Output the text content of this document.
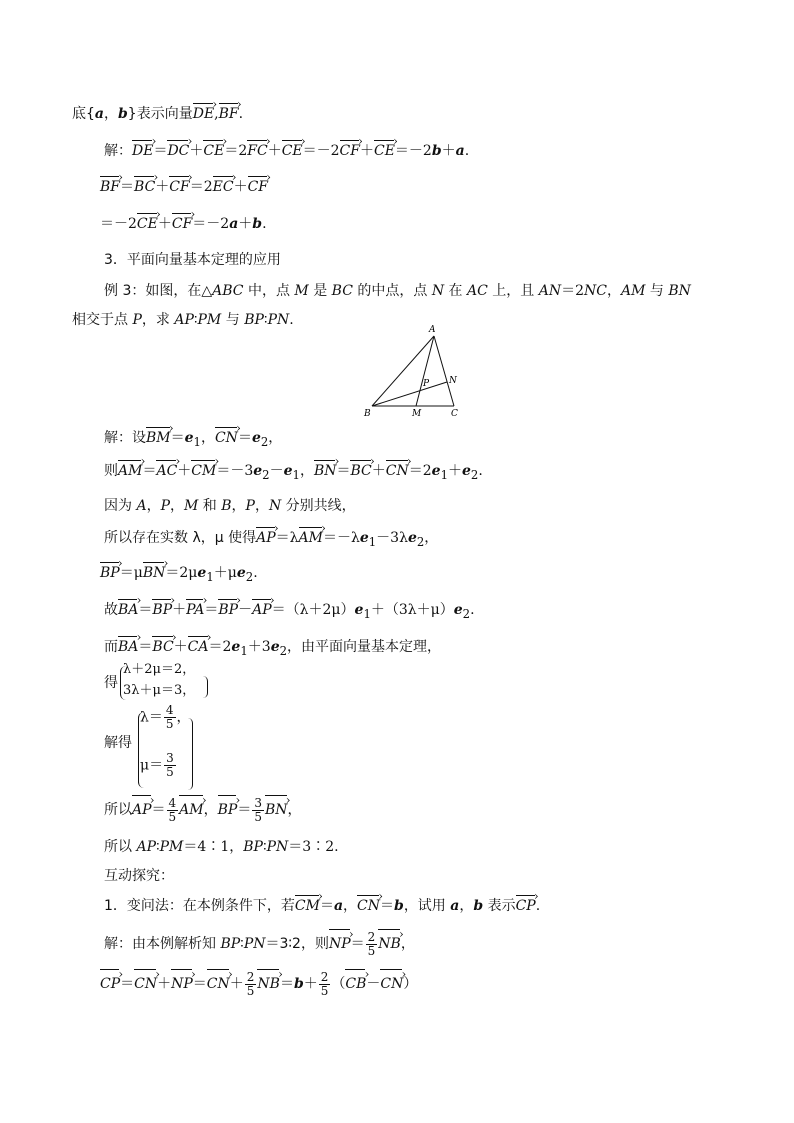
底{a，b}表示向量DE ›,BF ›.
解：DE ›＝DC ›＋CE ›＝2FC ›＋CE ›＝－2CF ›＋CE ›＝－2b＋a.
BF ›＝BC ›＋CF ›＝2EC ›＋CF ›
＝－2CE ›＋CF ›＝－2a＋b.
3．平面向量基本定理的应用
例 3：如图，在△ABC 中，点 M 是 BC 的中点，点 N 在 AC 上，且 AN＝2NC，AM 与 BN
相交于点 P，求 AP∶PM 与 BP∶PN.
A
B	C
M
N
P
解：设BM $›=e_1$，CN $›=e_2$，
则AM ›＝AC ›＋CM $›=-3e_2-e_1$，BN ›＝BC ›＋CN $›=2e_1+e_2$.
因为 A，P，M 和 B，P，N 分别共线，
所以存在实数 λ，μ 使得AP ›＝λAM $›=-\lambda e_1-3\lambda e_2$，
BP ›＝μBN $›=2\mu e_1+\mu e_2$.
故BA ›＝BP ›＋PA ›＝BP ›－AP $›=(\lambda+2\mu)e_1+(3\lambda+\mu)e_2$.
而BA ›＝BC ›＋CA $›=2e_1+3e_2$，由平面向量基本定理，
得
λ＋2μ＝2，
3λ＋μ＝3，
解得
$\lambda= \frac{4}{5}$ ，
$\mu= \frac{3}{5}$
所以AP ›＝ $\frac{4}{5}$ AM ›，BP ›＝ $\frac{3}{5}$ BN ›，
所以 AP∶PM＝4∶1，BP∶PN＝3∶2.
互动探究：
1．变问法：在本例条件下，若CM ›＝a，CN ›＝b，试用 a，b 表示CP ›.
解：由本例解析知 BP∶PN＝3∶2，则NP ›＝ $\frac{2}{5}$ NB ›，
CP ›＝CN ›＋NP ›＝CN ›＋ $\frac{2}{5}$ NB ›＝b＋ $\frac{2}{5} (CB$ ›－CN ›）
